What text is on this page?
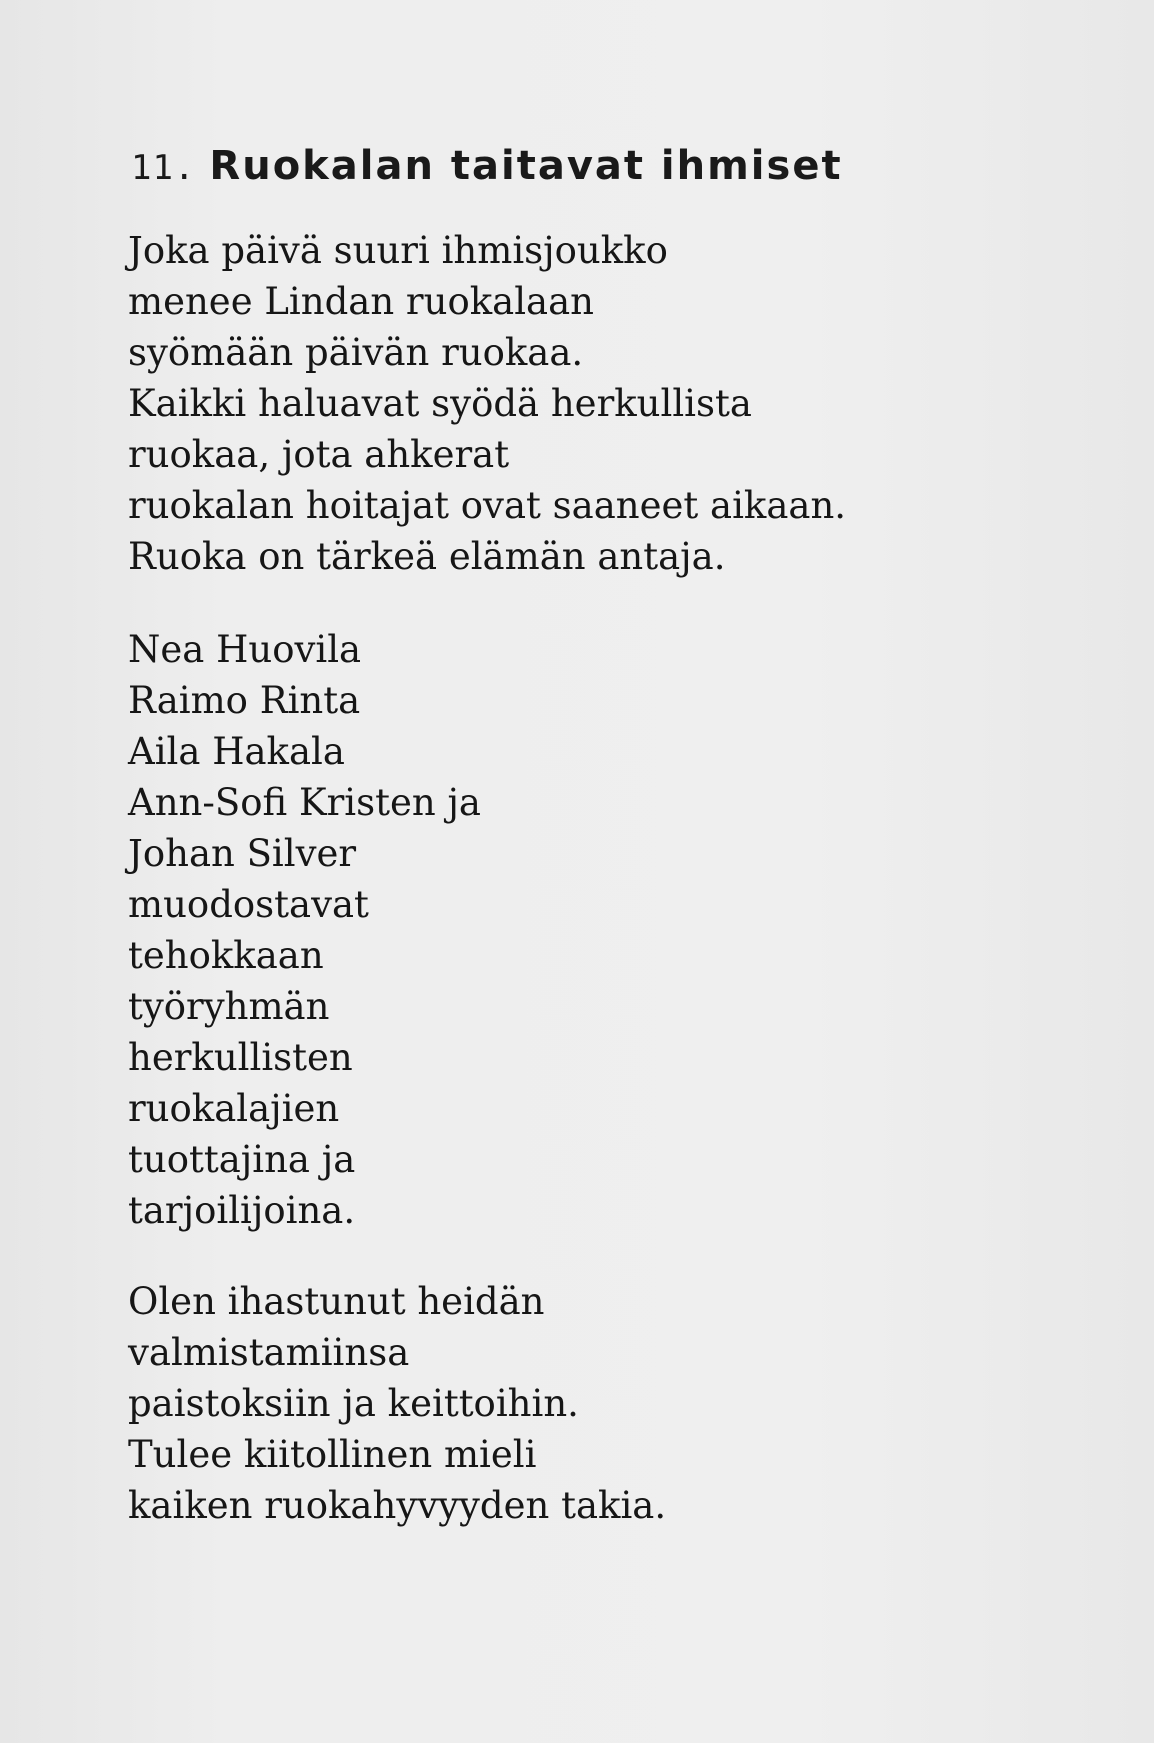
11. Ruokalan taitavat ihmiset

Joka päivä suuri ihmisjoukko
menee Lindan ruokalaan
syömään päivän ruokaa.
Kaikki haluavat syödä herkullista
ruokaa, jota ahkerat
ruokalan hoitajat ovat saaneet aikaan.
Ruoka on tärkeä elämän antaja.

Nea Huovila
Raimo Rinta
Aila Hakala
Ann-Sofi Kristen ja
Johan Silver
muodostavat
tehokkaan
työryhmän
herkullisten
ruokalajien
tuottajina ja
tarjoilijoina.

Olen ihastunut heidän
valmistamiinsa
paistoksiin ja keittoihin.
Tulee kiitollinen mieli
kaiken ruokahyvyyden takia.
